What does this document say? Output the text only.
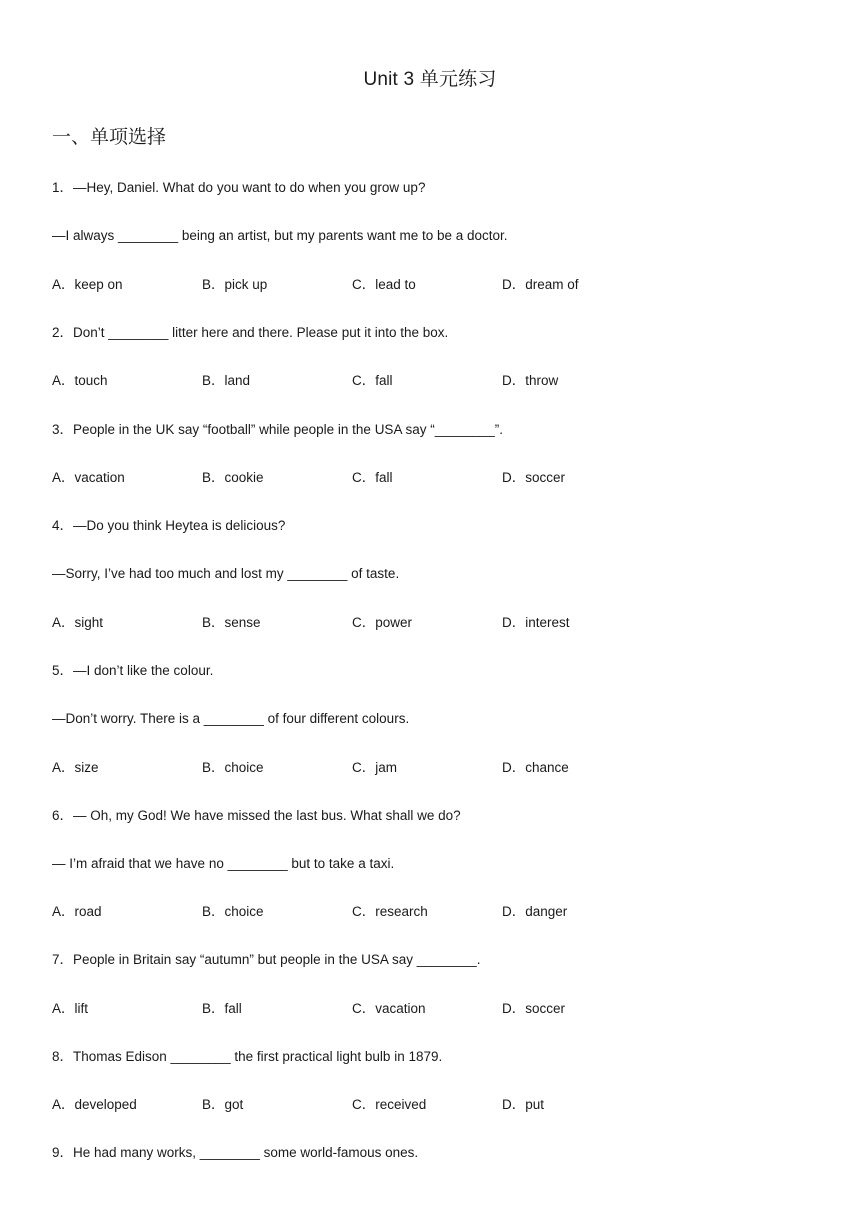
Unit 3 单元练习
一、单项选择
1．—Hey, Daniel. What do you want to do when you grow up?
—I always ________ being an artist, but my parents want me to be a doctor.
A．keep on	B．pick up	C．lead to	D．dream of
2．Don’t ________ litter here and there. Please put it into the box.
A．touch	B．land	C．fall	D．throw
3．People in the UK say “football” while people in the USA say “________”.
A．vacation	B．cookie	C．fall	D．soccer
4．—Do you think Heytea is delicious?
—Sorry, I’ve had too much and lost my ________ of taste.
A．sight	B．sense	C．power	D．interest
5．—I don’t like the colour.
—Don’t worry. There is a ________ of four different colours.
A．size	B．choice	C．jam	D．chance
6．— Oh, my God! We have missed the last bus. What shall we do?
— I’m afraid that we have no ________ but to take a taxi.
A．road	B．choice	C．research	D．danger
7．People in Britain say “autumn” but people in the USA say ________.
A．lift	B．fall	C．vacation	D．soccer
8．Thomas Edison ________ the first practical light bulb in 1879.
A．developed	B．got	C．received	D．put
9．He had many works, ________ some world-famous ones.
